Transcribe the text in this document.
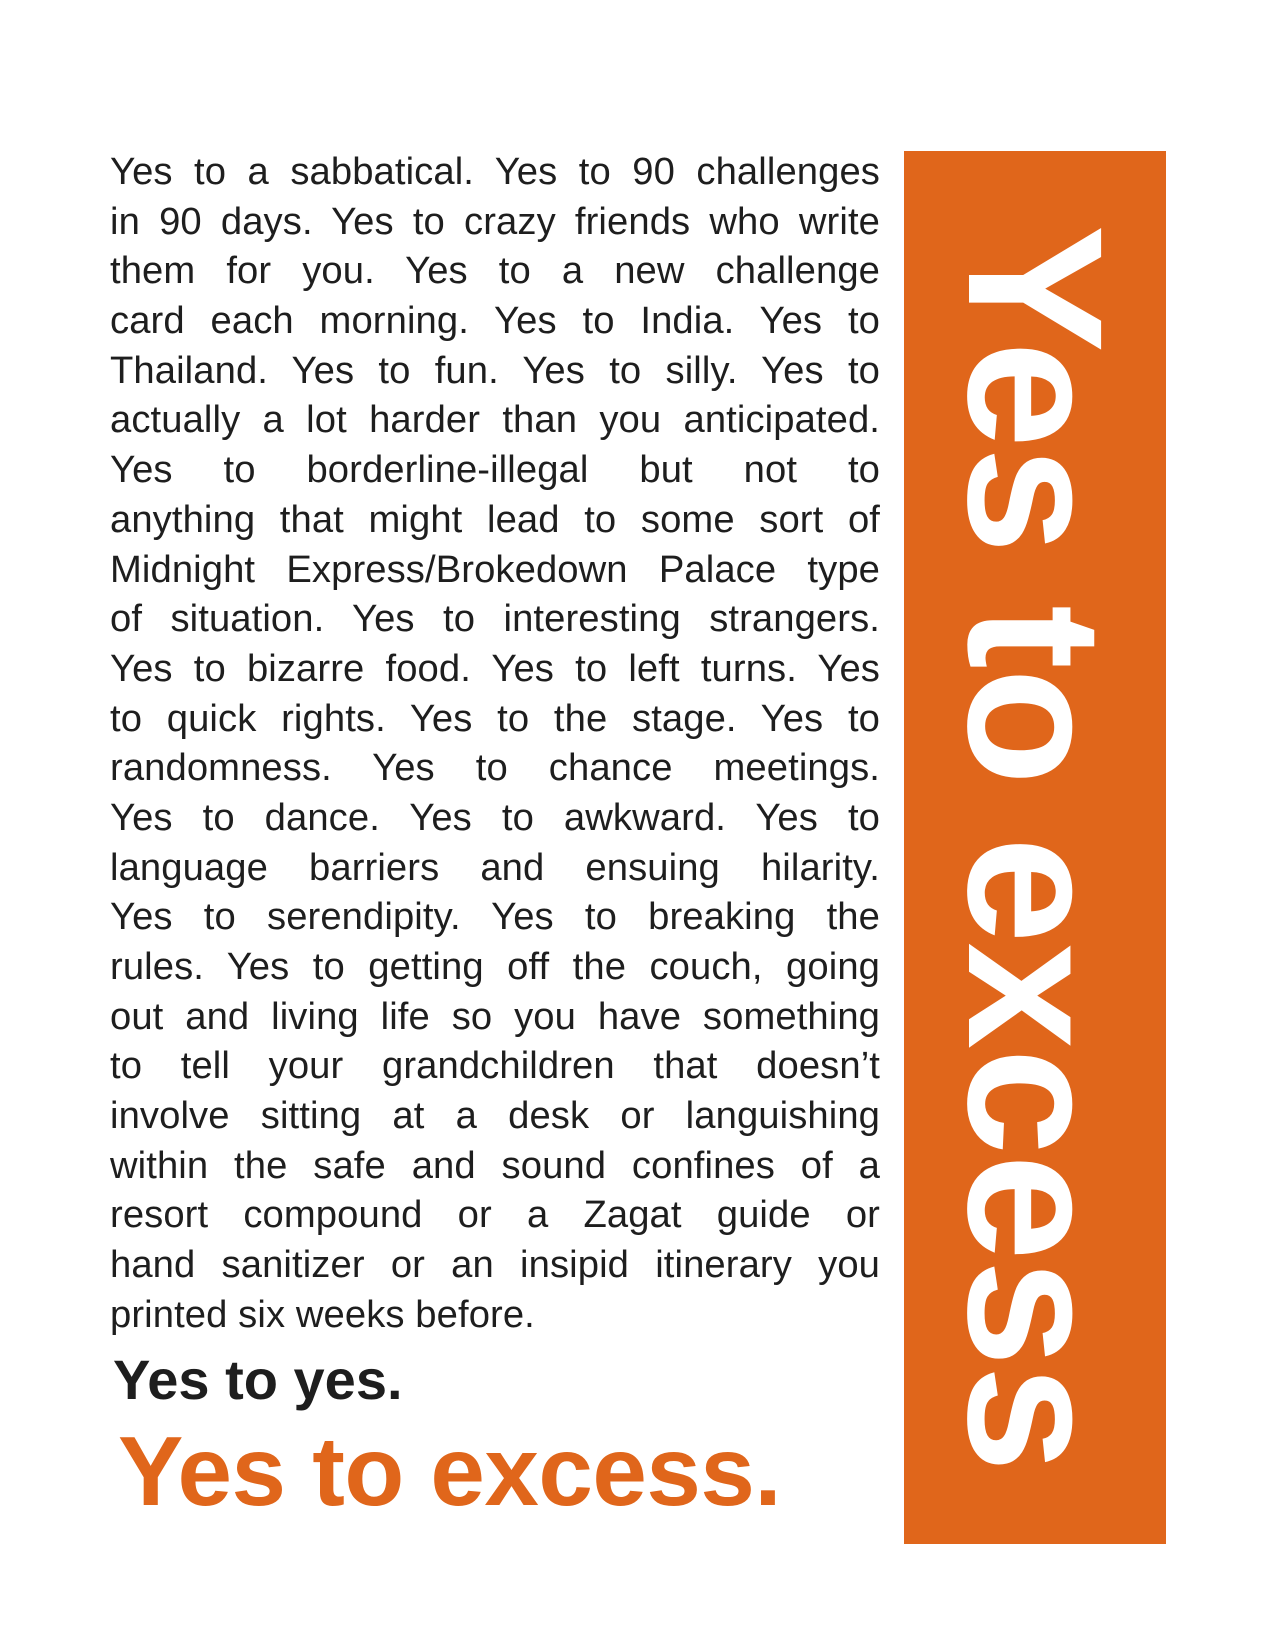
Yes to a sabbatical. Yes to 90 challenges
in 90 days. Yes to crazy friends who write
them for you. Yes to a new challenge
card each morning. Yes to India. Yes to
Thailand. Yes to fun. Yes to silly. Yes to
actually a lot harder than you anticipated.
Yes to borderline-illegal but not to
anything that might lead to some sort of
Midnight Express/Brokedown Palace type
of situation. Yes to interesting strangers.
Yes to bizarre food. Yes to left turns. Yes
to quick rights. Yes to the stage. Yes to
randomness. Yes to chance meetings.
Yes to dance. Yes to awkward. Yes to
language barriers and ensuing hilarity.
Yes to serendipity. Yes to breaking the
rules. Yes to getting off the couch, going
out and living life so you have something
to tell your grandchildren that doesn’t
involve sitting at a desk or languishing
within the safe and sound confines of a
resort compound or a Zagat guide or
hand sanitizer or an insipid itinerary you
printed six weeks before.
Yes to yes.
Yes to excess.
Yes to excess
